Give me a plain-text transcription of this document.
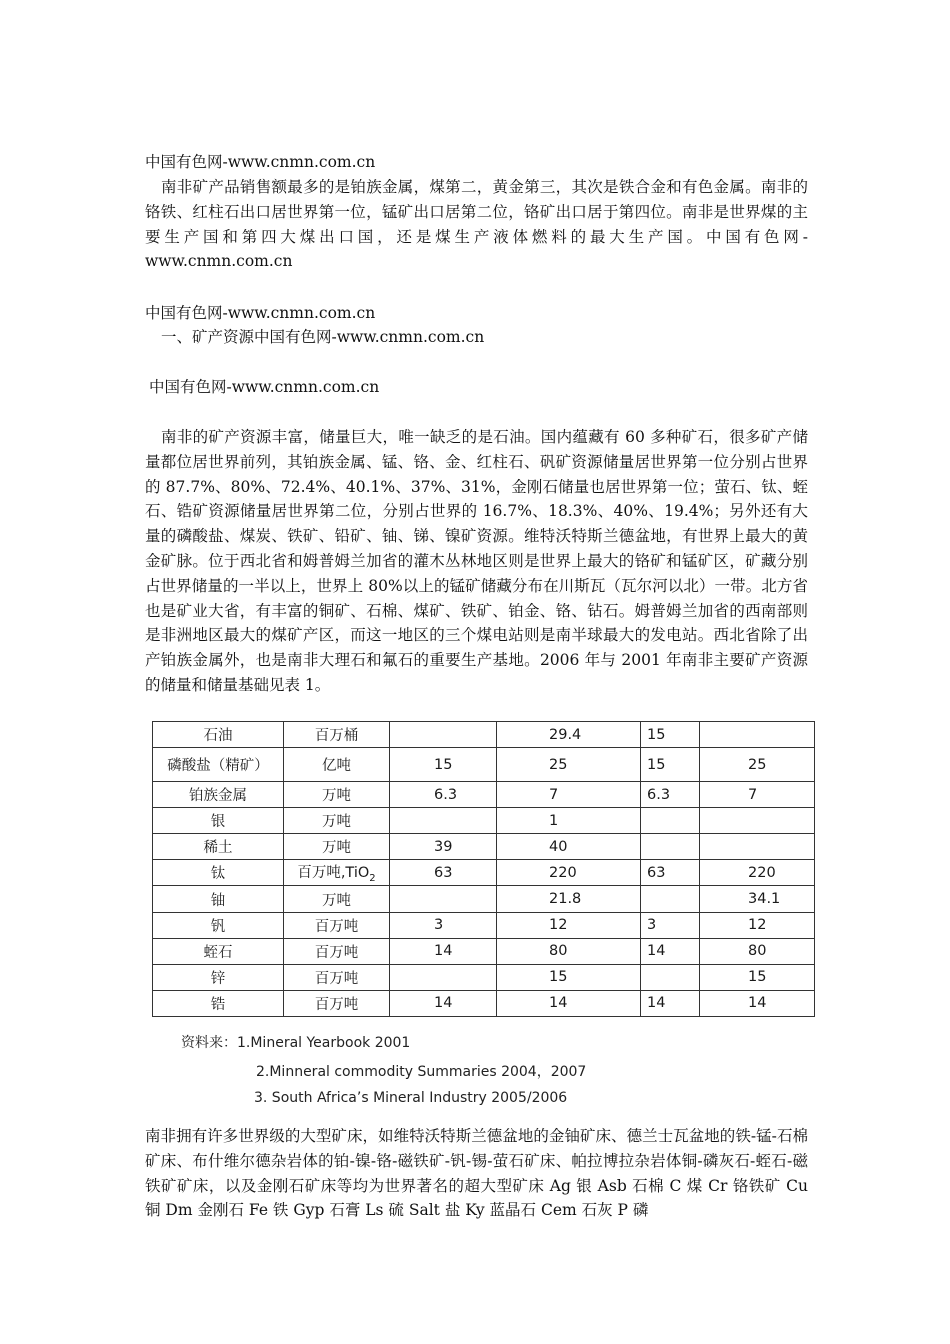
中国有色网-www.cnmn.com.cn

南非矿产品销售额最多的是铂族金属，煤第二，黄金第三，其次是铁合金和有色金属。南非的铬铁、红柱石出口居世界第一位，锰矿出口居第二位，铬矿出口居于第四位。南非是世界煤的主要生产国和第四大煤出口国，还是煤生产液体燃料的最大生产国。中国有色网-www.cnmn.com.cn

中国有色网-www.cnmn.com.cn

一、矿产资源中国有色网-www.cnmn.com.cn

中国有色网-www.cnmn.com.cn

南非的矿产资源丰富，储量巨大，唯一缺乏的是石油。国内蕴藏有 60 多种矿石，很多矿产储量都位居世界前列，其铂族金属、锰、铬、金、红柱石、矾矿资源储量居世界第一位分别占世界的 87.7%、80%、72.4%、40.1%、37%、31%，金刚石储量也居世界第一位；萤石、钛、蛭石、锆矿资源储量居世界第二位，分别占世界的 16.7%、18.3%、40%、19.4%；另外还有大量的磷酸盐、煤炭、铁矿、铅矿、铀、锑、镍矿资源。维特沃特斯兰德盆地，有世界上最大的黄金矿脉。位于西北省和姆普姆兰加省的灌木丛林地区则是世界上最大的铬矿和锰矿区，矿藏分别占世界储量的一半以上，世界上 80%以上的锰矿储藏分布在川斯瓦（瓦尔河以北）一带。北方省也是矿业大省，有丰富的铜矿、石棉、煤矿、铁矿、铂金、铬、钻石。姆普姆兰加省的西南部则是非洲地区最大的煤矿产区，而这一地区的三个煤电站则是南半球最大的发电站。西北省除了出产铂族金属外，也是南非大理石和氟石的重要生产基地。2006 年与 2001 年南非主要矿产资源的储量和储量基础见表 1。

石油	百万桶		29.4	15	
磷酸盐（精矿）	亿吨	15	25	15	25
铂族金属	万吨	6.3	7	6.3	7
银	万吨		1		
稀土	万吨	39	40		
钛	百万吨,TiO$_2$	63	220	63	220
铀	万吨		21.8		34.1
钒	百万吨	3	12	3	12
蛭石	百万吨	14	80	14	80
锌	百万吨		15		15
锆	百万吨	14	14	14	14
资料来：1.Mineral Yearbook 2001
2.Minneral commodity Summaries 2004，2007
3. South Africa’s Mineral Industry 2005/2006

南非拥有许多世界级的大型矿床，如维特沃特斯兰德盆地的金铀矿床、德兰士瓦盆地的铁-锰-石棉矿床、布什维尔德杂岩体的铂-镍-铬-磁铁矿-钒-锡-萤石矿床、帕拉博拉杂岩体铜-磷灰石-蛭石-磁铁矿矿床，以及金刚石矿床等均为世界著名的超大型矿床 Ag 银 Asb 石棉 C 煤 Cr 铬铁矿 Cu 铜 Dm 金刚石 Fe 铁 Gyp 石膏 Ls 硫 Salt 盐 Ky 蓝晶石 Cem 石灰 P 磷
